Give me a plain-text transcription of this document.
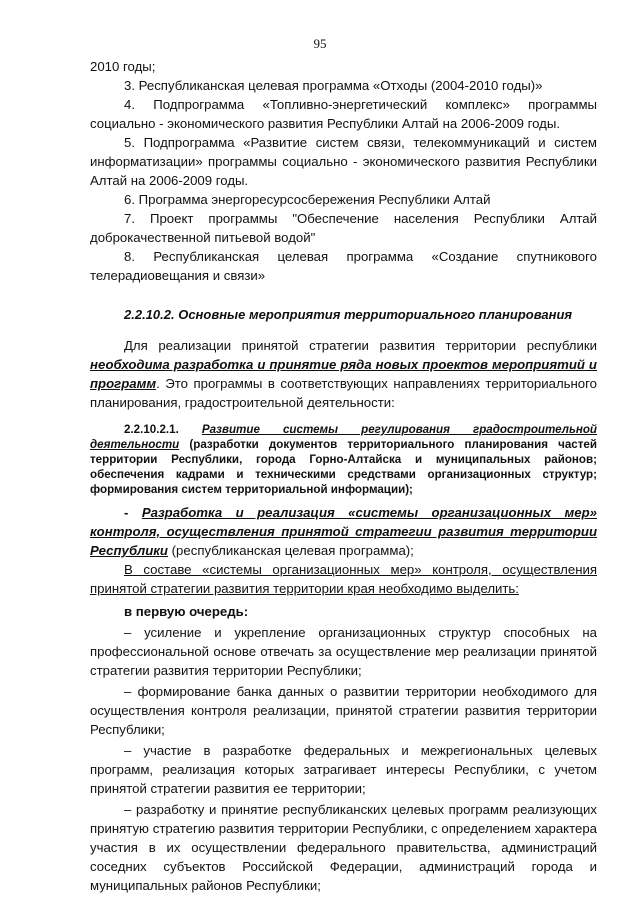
95

2010 годы;

3. Республиканская целевая программа «Отходы (2004-2010 годы)»

4. Подпрограмма «Топливно-энергетический комплекс» программы социально - экономического развития Республики Алтай на 2006-2009 годы.

5. Подпрограмма «Развитие систем связи, телекоммуникаций и систем информатизации» программы социально - экономического развития Республики Алтай на 2006-2009 годы.

6. Программа энергоресурсосбережения Республики Алтай

7. Проект программы "Обеспечение населения Республики Алтай доброкачественной питьевой водой"

8. Республиканская целевая программа «Создание спутникового телерадиовещания и связи»

2.2.10.2. Основные мероприятия территориального планирования

Для реализации принятой стратегии развития территории республики необходима разработка и принятие ряда новых проектов мероприятий и программ. Это программы в соответствующих направлениях территориального планирования, градостроительной деятельности:

2.2.10.2.1. Развитие системы регулирования градостроительной деятельности (разработки документов территориального планирования частей территории Республики, города Горно-Алтайска и муниципальных районов; обеспечения кадрами и техническими средствами организационных структур; формирования систем территориальной информации);

- Разработка и реализация «системы организационных мер» контроля, осуществления принятой стратегии развития территории Республики (республиканская целевая программа);

В составе «системы организационных мер» контроля, осуществления принятой стратегии развития территории края необходимо выделить:

в первую очередь:

– усиление и укрепление организационных структур способных на профессиональной основе отвечать за осуществление мер реализации принятой стратегии развития территории Республики;

– формирование банка данных о развитии территории необходимого для осуществления контроля реализации, принятой стратегии развития территории Республики;

– участие в разработке федеральных и межрегиональных целевых программ, реализация которых затрагивает интересы Республики, с учетом принятой стратегии развития ее территории;

– разработку и принятие республиканских целевых программ реализующих принятую стратегию развития территории Республики, с определением характера участия в их осуществлении федерального правительства, администраций соседних субъектов Российской Федерации, администраций города и муниципальных районов Республики;
